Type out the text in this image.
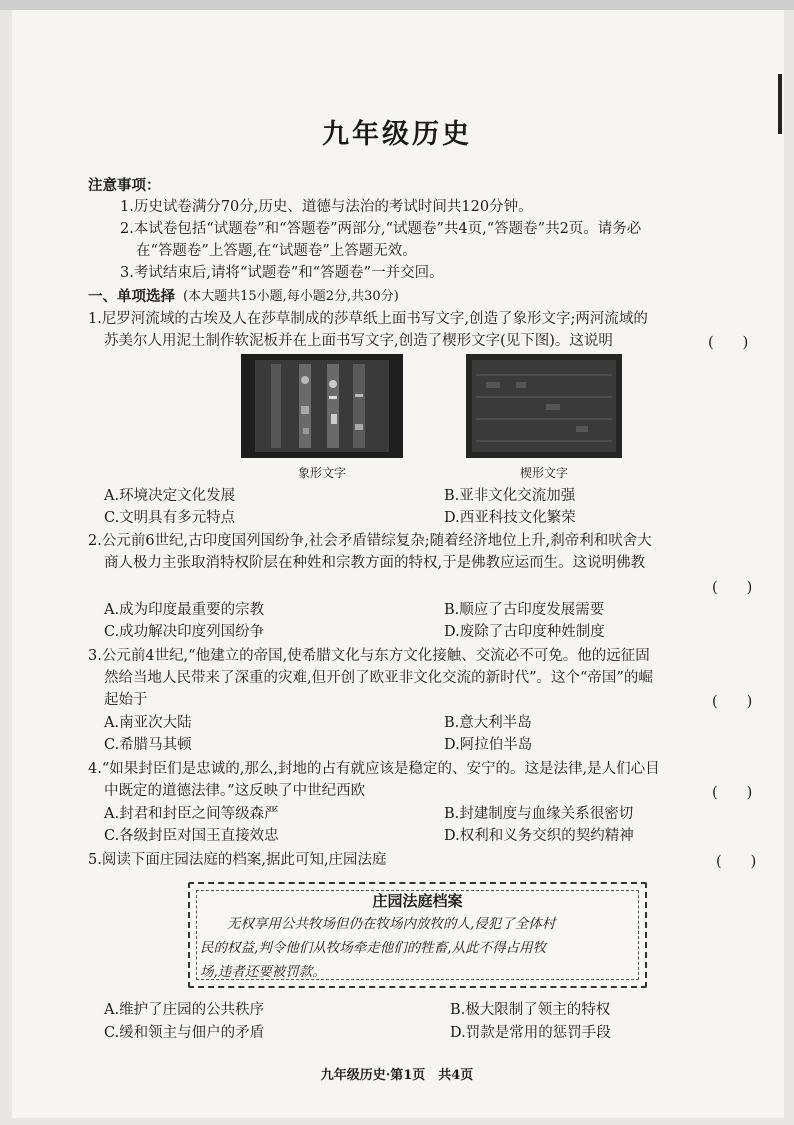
九年级历史
注意事项：
1.历史试卷满分70分,历史、道德与法治的考试时间共120分钟。
2.本试卷包括“试题卷”和“答题卷”两部分,“试题卷”共4页,“答题卷”共2页。请务必
在“答题卷”上答题,在“试题卷”上答题无效。
3.考试结束后,请将“试题卷”和“答题卷”一并交回。
一、单项选择 (本大题共15小题,每小题2分,共30分)
1.尼罗河流域的古埃及人在莎草制成的莎草纸上面书写文字,创造了象形文字;两河流域的
苏美尔人用泥土制作软泥板并在上面书写文字,创造了楔形文字(见下图)。这说明	(　　)
象形文字	楔形文字
A.环境决定文化发展	B.亚非文化交流加强
C.文明具有多元特点	D.西亚科技文化繁荣
2.公元前6世纪,古印度国列国纷争,社会矛盾错综复杂;随着经济地位上升,刹帝利和吠舍大
商人极力主张取消特权阶层在种姓和宗教方面的特权,于是佛教应运而生。这说明佛教
(　　)
A.成为印度最重要的宗教	B.顺应了古印度发展需要
C.成功解决印度列国纷争	D.废除了古印度种姓制度
3.公元前4世纪,“他建立的帝国,使希腊文化与东方文化接触、交流必不可免。他的远征固
然给当地人民带来了深重的灾难,但开创了欧亚非文化交流的新时代”。这个“帝国”的崛
起始于	(　　)
A.南亚次大陆	B.意大利半岛
C.希腊马其顿	D.阿拉伯半岛
4.“如果封臣们是忠诚的,那么,封地的占有就应该是稳定的、安宁的。这是法律,是人们心目
中既定的道德法律。”这反映了中世纪西欧	(　　)
A.封君和封臣之间等级森严	B.封建制度与血缘关系很密切
C.各级封臣对国王直接效忠	D.权利和义务交织的契约精神
5.阅读下面庄园法庭的档案,据此可知,庄园法庭	(　　)
庄园法庭档案
　　无权享用公共牧场但仍在牧场内放牧的人,侵犯了全体村
民的权益,判令他们从牧场牵走他们的牲畜,从此不得占用牧
场,违者还要被罚款。
A.维护了庄园的公共秩序	B.极大限制了领主的特权
C.缓和领主与佃户的矛盾	D.罚款是常用的惩罚手段
九年级历史·第1页　共4页
